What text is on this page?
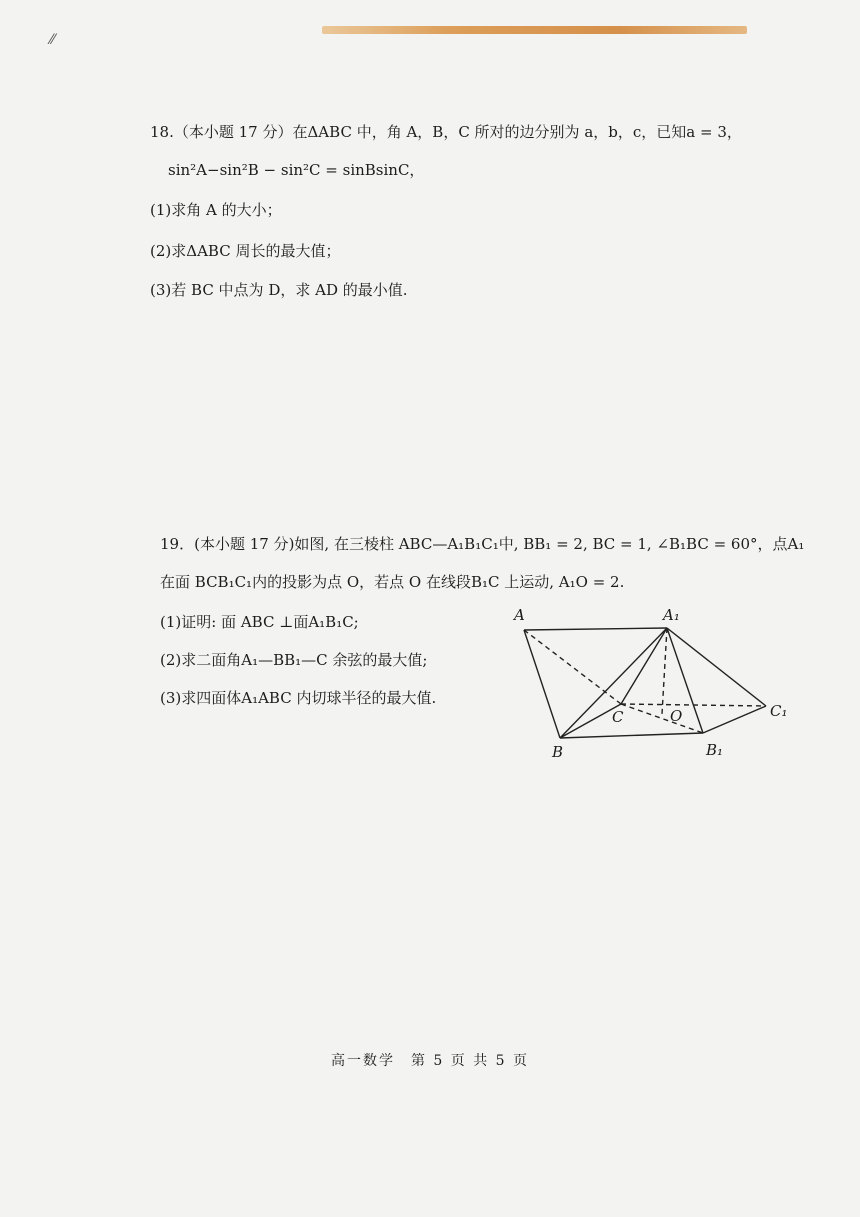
⁄⁄
18.（本小题 17 分）在ΔABC 中，角 A，B，C 所对的边分别为 a，b，c，已知a = 3，
sin²A−sin²B − sin²C = sinBsinC，
(1)求角 A 的大小；
(2)求ΔABC 周长的最大值；
(3)若 BC 中点为 D，求 AD 的最小值.
19．(本小题 17 分)如图, 在三棱柱 ABC—A₁B₁C₁中, BB₁ = 2, BC = 1, ∠B₁BC = 60°，点A₁
在面 BCB₁C₁内的投影为点 O，若点 O 在线段B₁C 上运动, A₁O = 2.
(1)证明: 面 ABC ⊥面A₁B₁C;
(2)求二面角A₁—BB₁—C 余弦的最大值;
(3)求四面体A₁ABC 内切球半径的最大值.
A	A₁
B	B₁
C	C₁
O
高一数学　第 5 页 共 5 页
